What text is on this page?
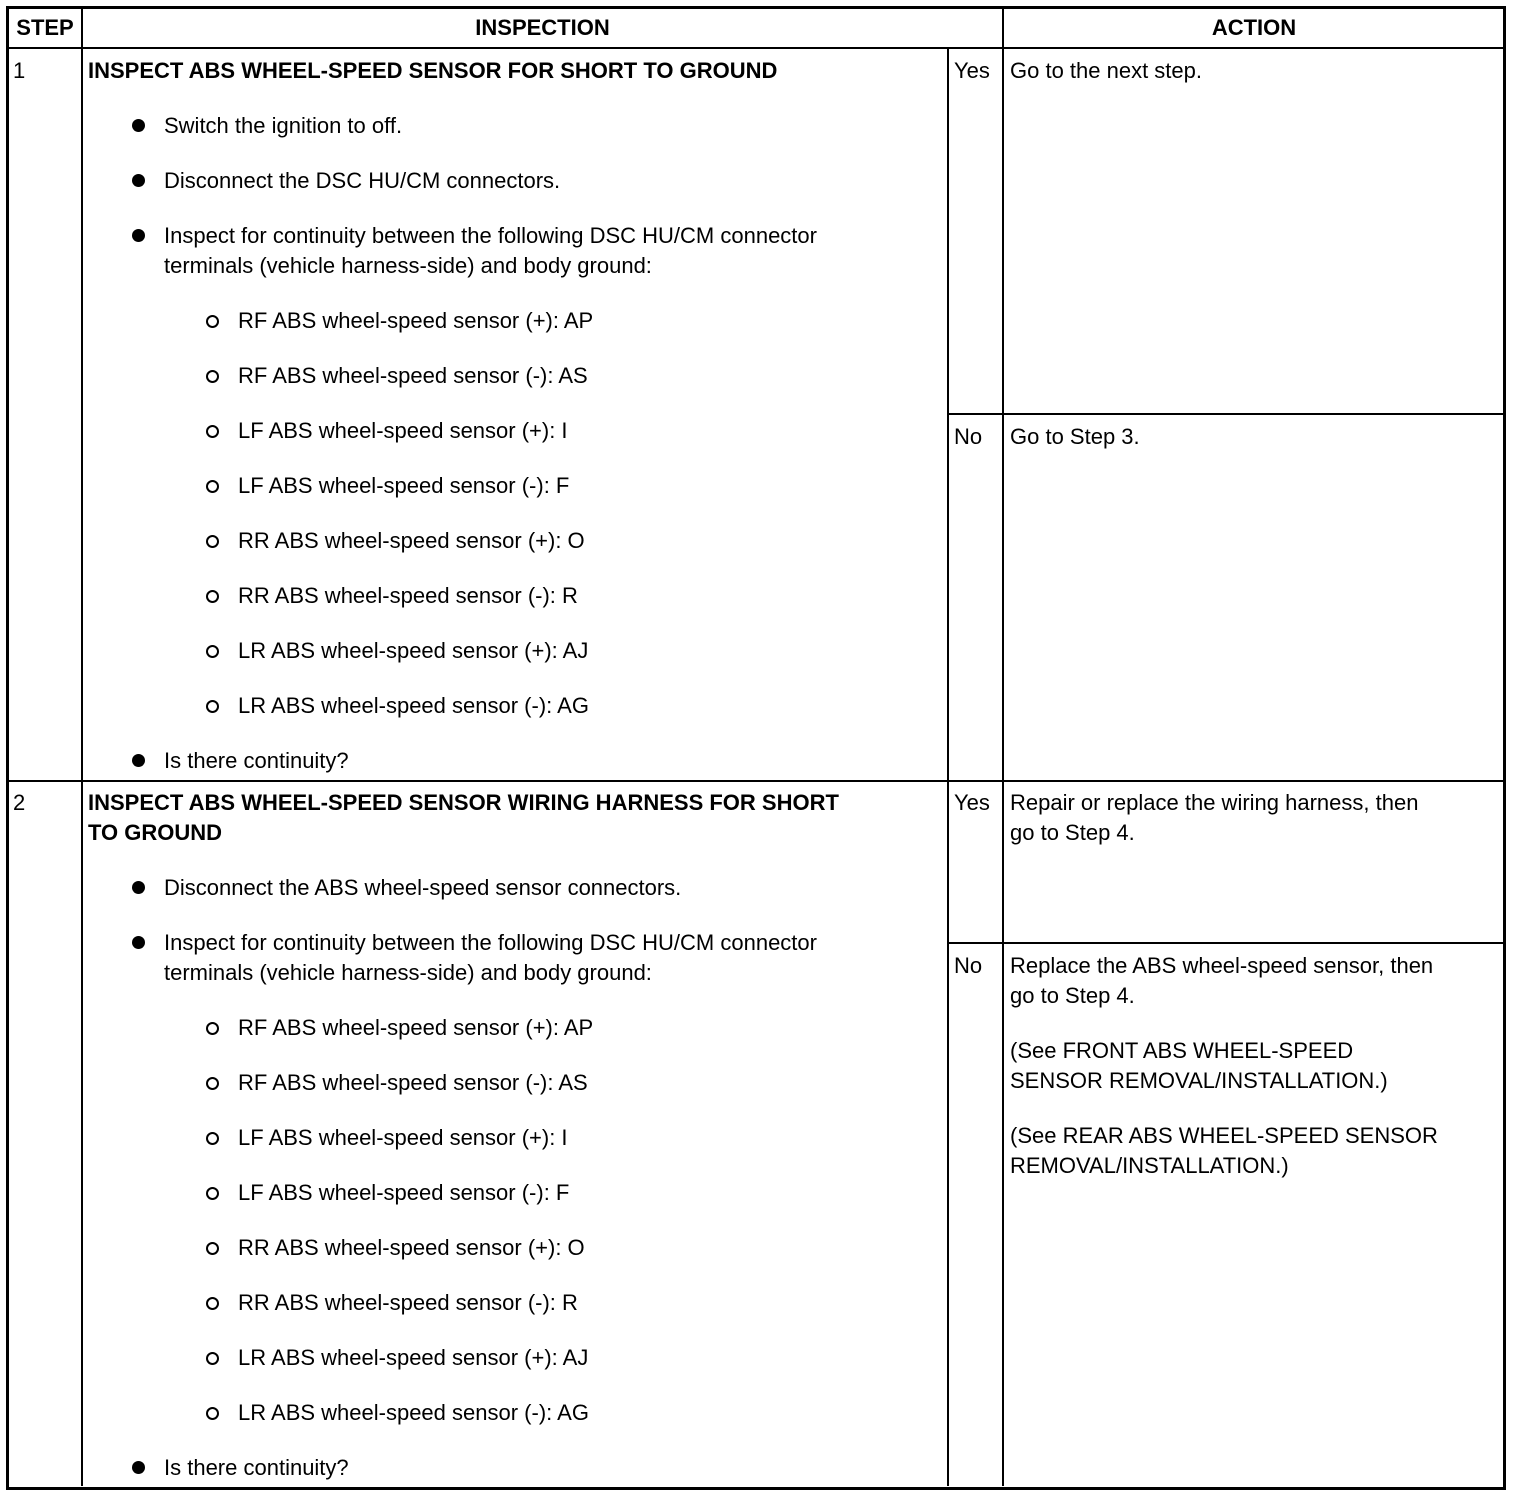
STEP	INSPECTION	ACTION
1	INSPECT ABS WHEEL-SPEED SENSOR FOR SHORT TO GROUND
Switch the ignition to off.
Disconnect the DSC HU/CM connectors.
Inspect for continuity between the following DSC HU/CM connector
terminals (vehicle harness-side) and body ground:
RF ABS wheel-speed sensor (+): AP
RF ABS wheel-speed sensor (-): AS
LF ABS wheel-speed sensor (+): I
LF ABS wheel-speed sensor (-): F
RR ABS wheel-speed sensor (+): O
RR ABS wheel-speed sensor (-): R
LR ABS wheel-speed sensor (+): AJ
LR ABS wheel-speed sensor (-): AG
Is there continuity?
Yes Go to the next step.
No Go to Step 3.
2	INSPECT ABS WHEEL-SPEED SENSOR WIRING HARNESS FOR SHORT
TO GROUND
Disconnect the ABS wheel-speed sensor connectors.
Inspect for continuity between the following DSC HU/CM connector
terminals (vehicle harness-side) and body ground:
RF ABS wheel-speed sensor (+): AP
RF ABS wheel-speed sensor (-): AS
LF ABS wheel-speed sensor (+): I
LF ABS wheel-speed sensor (-): F
RR ABS wheel-speed sensor (+): O
RR ABS wheel-speed sensor (-): R
LR ABS wheel-speed sensor (+): AJ
LR ABS wheel-speed sensor (-): AG
Is there continuity?
Yes Repair or replace the wiring harness, then
go to Step 4.
No Replace the ABS wheel-speed sensor, then
go to Step 4.
(See FRONT ABS WHEEL-SPEED
SENSOR REMOVAL/INSTALLATION.)
(See REAR ABS WHEEL-SPEED SENSOR
REMOVAL/INSTALLATION.)
